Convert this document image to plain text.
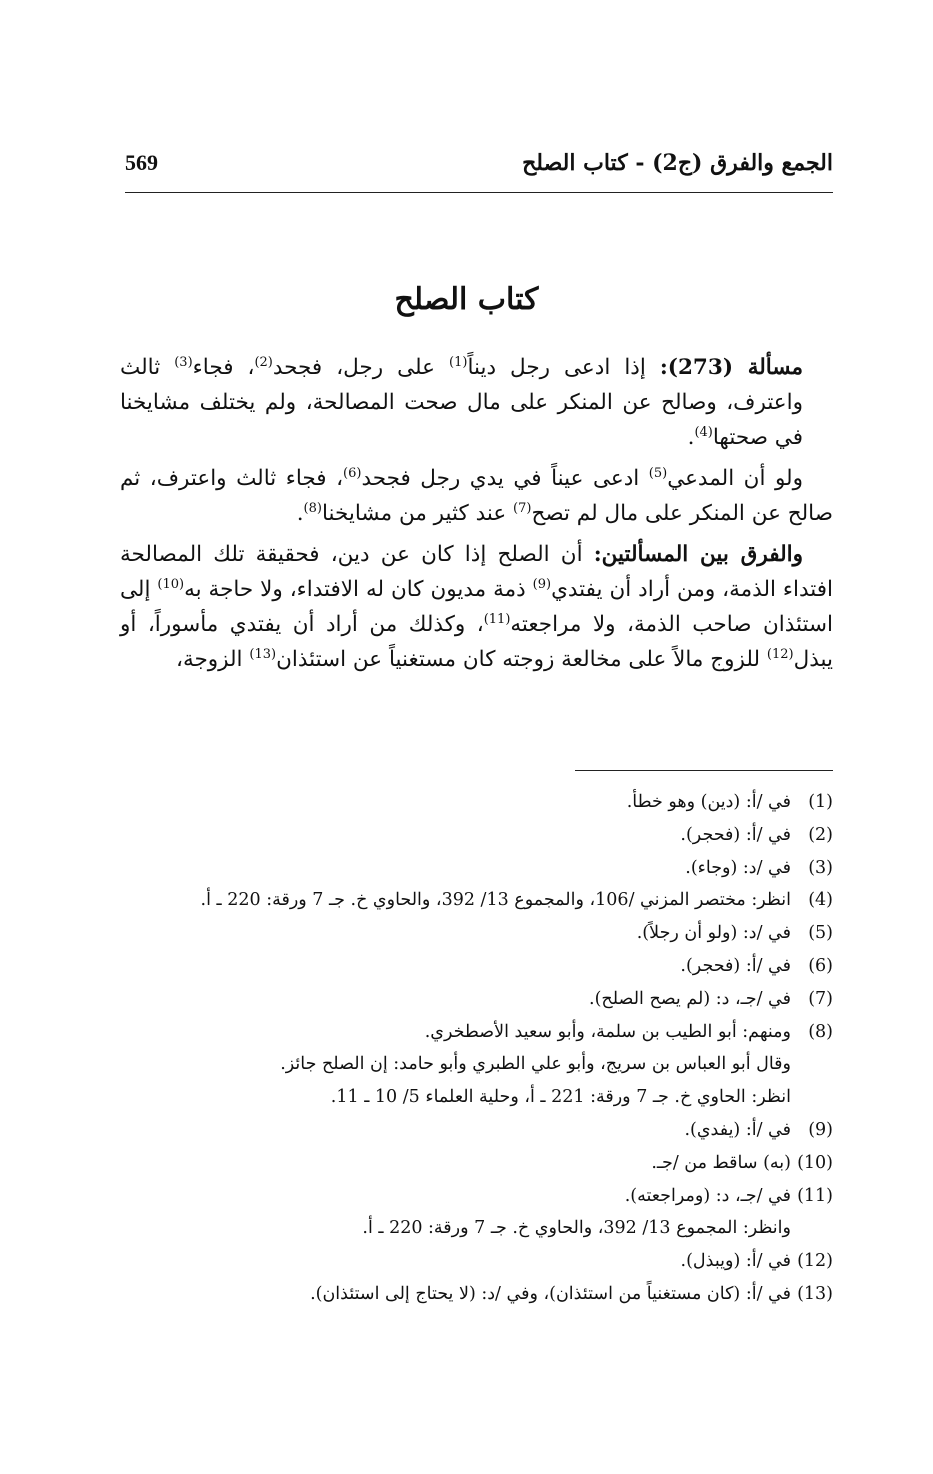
الجمع والفرق (ج2) - كتاب الصلح
569
كتاب الصلح

مسألة (273): إذا ادعى رجل ديناً$^{(1)}$ على رجل، فجحد$^{(2)}$، فجاء$^{(3)}$ ثالث واعترف، وصالح عن المنكر على مال صحت المصالحة، ولم يختلف مشايخنا في صحتها$^{(4)}$.

ولو أن المدعي$^{(5)}$ ادعى عيناً في يدي رجل فجحد$^{(6)}$، فجاء ثالث واعترف، ثم صالح عن المنكر على مال لم تصح$^{(7)}$ عند كثير من مشايخنا$^{(8)}$.

والفرق بين المسألتين: أن الصلح إذا كان عن دين، فحقيقة تلك المصالحة افتداء الذمة، ومن أراد أن يفتدي$^{(9)}$ ذمة مديون كان له الافتداء، ولا حاجة به$^{(10)}$ إلى استئذان صاحب الذمة، ولا مراجعته$^{(11)}$، وكذلك من أراد أن يفتدي مأسوراً، أو يبذل$^{(12)}$ للزوج مالاً على مخالعة زوجته كان مستغنياً عن استئذان$^{(13)}$ الزوجة،

(1)
في /أ: (دين) وهو خطأ.
(2)
في /أ: (فحجر).
(3)
في /د: (وجاء).
(4)
انظر: مختصر المزني /106، والمجموع 13/ 392، والحاوي خ. جـ 7 ورقة: 220 ـ أ.
(5)
في /د: (ولو أن رجلاً).
(6)
في /أ: (فحجر).
(7)
في /جـ، د: (لم يصح الصلح).
(8)
ومنهم: أبو الطيب بن سلمة، وأبو سعيد الأصطخري.
وقال أبو العباس بن سريج، وأبو علي الطبري وأبو حامد: إن الصلح جائز.
انظر: الحاوي خ. جـ 7 ورقة: 221 ـ أ، وحلية العلماء 5/ 10 ـ 11.
(9)
في /أ: (يفدي).
(10)
(به) ساقط من /جـ.
(11)
في /جـ، د: (ومراجعته).
وانظر: المجموع 13/ 392، والحاوي خ. جـ 7 ورقة: 220 ـ أ.
(12)
في /أ: (ويبذل).
(13)
في /أ: (كان مستغنياً من استئذان)، وفي /د: (لا يحتاج إلى استئذان).
